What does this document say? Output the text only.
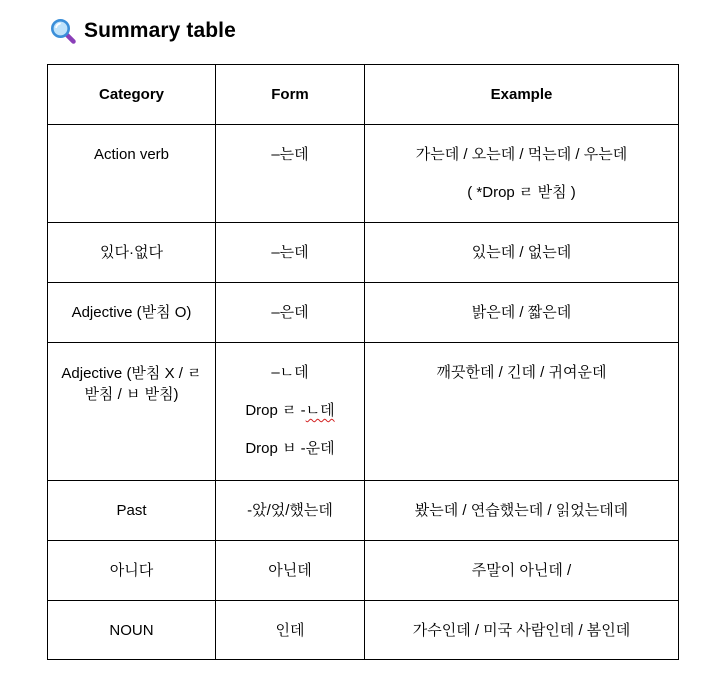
Summary table
Category	Form	Example

Action verb	–는데	가는데 / 오는데 / 먹는데 / 우는데
( *Drop ㄹ 받침 )

있다·없다	–는데	있는데 / 없는데

Adjective (받침 O)	–은데	밝은데 / 짧은데

Adjective (받침 X / ㄹ 받침 / ㅂ 받침)	–ㄴ데
Drop ㄹ -ㄴ데
Drop ㅂ -운데	깨끗한데 / 긴데 / 귀여운데

Past	-았/었/했는데	봤는데 / 연습했는데 / 읽었는데데

아니다	아닌데	주말이 아닌데 /

NOUN	인데	가수인데 / 미국 사람인데 / 봄인데
